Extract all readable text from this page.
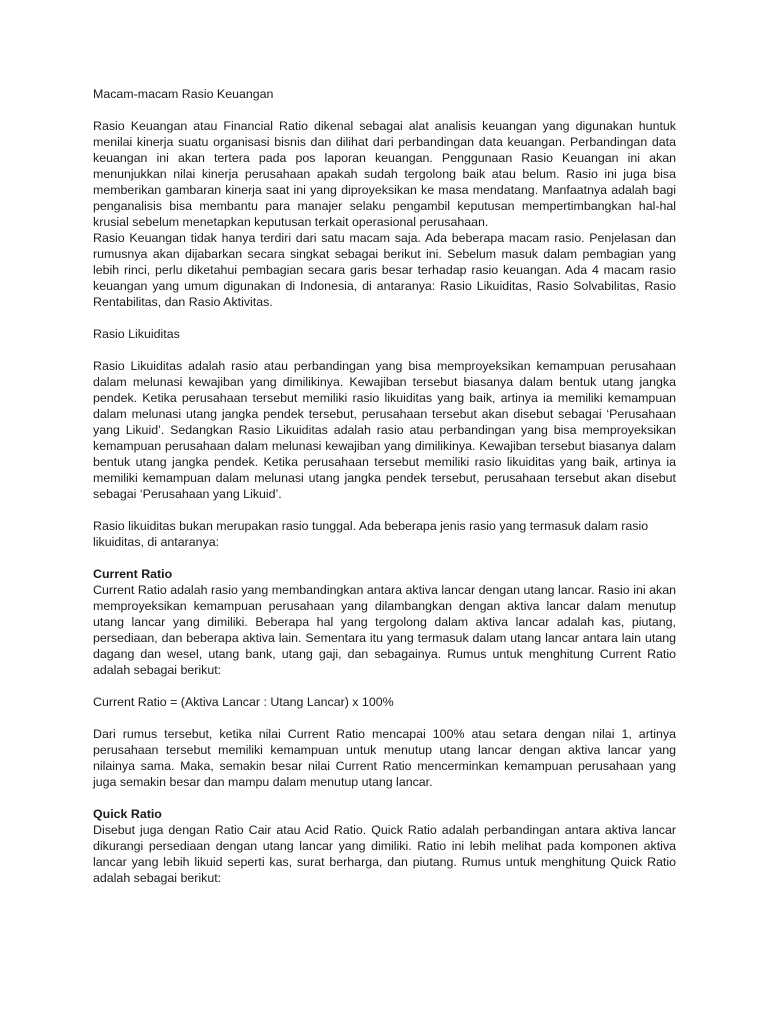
Macam-macam Rasio Keuangan

Rasio Keuangan atau Financial Ratio dikenal sebagai alat analisis keuangan yang digunakan huntuk menilai kinerja suatu organisasi bisnis dan dilihat dari perbandingan data keuangan. Perbandingan data keuangan ini akan tertera pada pos laporan keuangan. Penggunaan Rasio Keuangan ini akan menunjukkan nilai kinerja perusahaan apakah sudah tergolong baik atau belum. Rasio ini juga bisa memberikan gambaran kinerja saat ini yang diproyeksikan ke masa mendatang. Manfaatnya adalah bagi penganalisis bisa membantu para manajer selaku pengambil keputusan mempertimbangkan hal-hal krusial sebelum menetapkan keputusan terkait operasional perusahaan.

Rasio Keuangan tidak hanya terdiri dari satu macam saja. Ada beberapa macam rasio. Penjelasan dan rumusnya akan dijabarkan secara singkat sebagai berikut ini. Sebelum masuk dalam pembagian yang lebih rinci, perlu diketahui pembagian secara garis besar terhadap rasio keuangan. Ada 4 macam rasio keuangan yang umum digunakan di Indonesia, di antaranya: Rasio Likuiditas, Rasio Solvabilitas, Rasio Rentabilitas, dan Rasio Aktivitas.

Rasio Likuiditas

Rasio Likuiditas adalah rasio atau perbandingan yang bisa memproyeksikan kemampuan perusahaan dalam melunasi kewajiban yang dimilikinya. Kewajiban tersebut biasanya dalam bentuk utang jangka pendek. Ketika perusahaan tersebut memiliki rasio likuiditas yang baik, artinya ia memiliki kemampuan dalam melunasi utang jangka pendek tersebut, perusahaan tersebut akan disebut sebagai ‘Perusahaan yang Likuid’. Sedangkan Rasio Likuiditas adalah rasio atau perbandingan yang bisa memproyeksikan kemampuan perusahaan dalam melunasi kewajiban yang dimilikinya. Kewajiban tersebut biasanya dalam bentuk utang jangka pendek. Ketika perusahaan tersebut memiliki rasio likuiditas yang baik, artinya ia memiliki kemampuan dalam melunasi utang jangka pendek tersebut, perusahaan tersebut akan disebut sebagai ‘Perusahaan yang Likuid’.

Rasio likuiditas bukan merupakan rasio tunggal. Ada beberapa jenis rasio yang termasuk dalam rasio likuiditas, di antaranya:

Current Ratio

Current Ratio adalah rasio yang membandingkan antara aktiva lancar dengan utang lancar. Rasio ini akan memproyeksikan kemampuan perusahaan yang dilambangkan dengan aktiva lancar dalam menutup utang lancar yang dimiliki. Beberapa hal yang tergolong dalam aktiva lancar adalah kas, piutang, persediaan, dan beberapa aktiva lain. Sementara itu yang termasuk dalam utang lancar antara lain utang dagang dan wesel, utang bank, utang gaji, dan sebagainya. Rumus untuk menghitung Current Ratio adalah sebagai berikut:

Current Ratio = (Aktiva Lancar : Utang Lancar) x 100%

Dari rumus tersebut, ketika nilai Current Ratio mencapai 100% atau setara dengan nilai 1, artinya perusahaan tersebut memiliki kemampuan untuk menutup utang lancar dengan aktiva lancar yang nilainya sama. Maka, semakin besar nilai Current Ratio mencerminkan kemampuan perusahaan yang juga semakin besar dan mampu dalam menutup utang lancar.

Quick Ratio

Disebut juga dengan Ratio Cair atau Acid Ratio. Quick Ratio adalah perbandingan antara aktiva lancar dikurangi persediaan dengan utang lancar yang dimiliki. Ratio ini lebih melihat pada komponen aktiva lancar yang lebih likuid seperti kas, surat berharga, dan piutang. Rumus untuk menghitung Quick Ratio adalah sebagai berikut:
